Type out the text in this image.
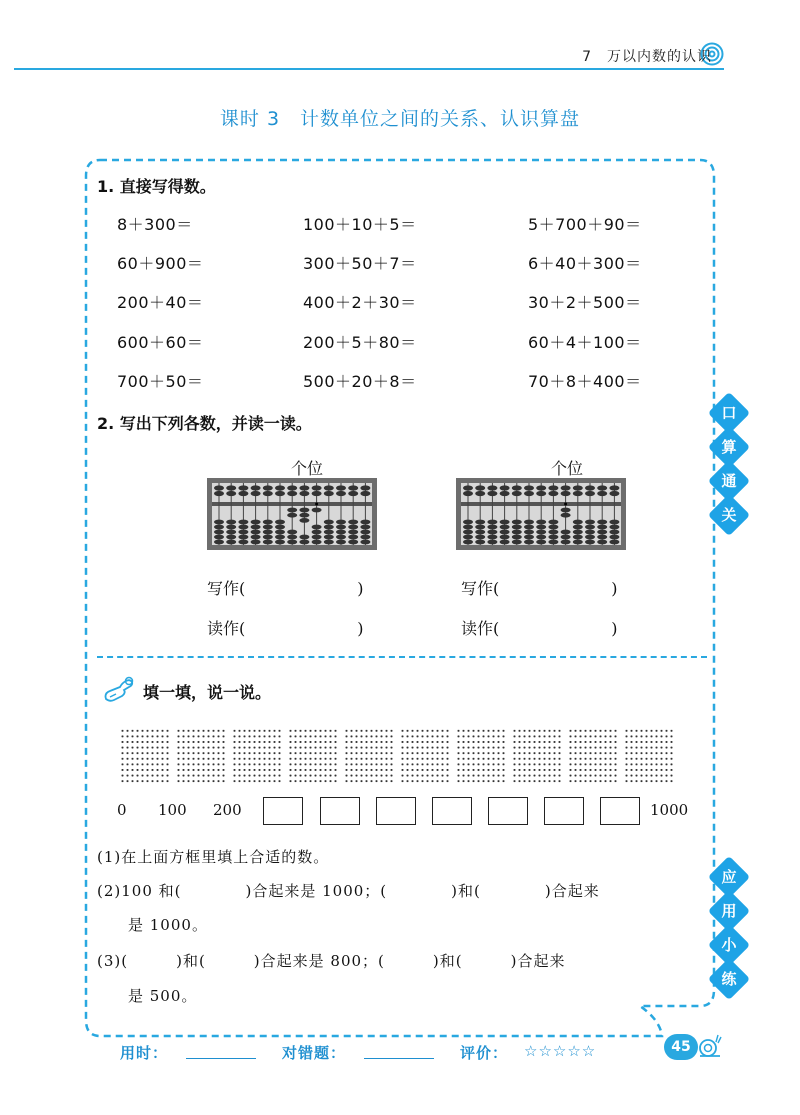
7　万以内数的认识
课时 3　计数单位之间的关系、认识算盘
口
算
通
关
应
用
小
练
1. 直接写得数。
8＋300＝	100＋10＋5＝	5＋700＋90＝
60＋900＝	300＋50＋7＝	6＋40＋300＝
200＋40＝	400＋2＋30＝	30＋2＋500＝
600＋60＝	200＋5＋80＝	60＋4＋100＝
700＋50＝	500＋20＋8＝	70＋8＋400＝
2. 写出下列各数，并读一读。
个位	个位
写作(　　　　　　　)
读作(　　　　　　　)
写作(　　　　　　　)
读作(　　　　　　　)
填一填，说一说。
0 100 200	1000
(1)在上面方框里填上合适的数。
(2)100 和(　　　　)合起来是 1000；(　　　　)和(　　　　)合起来
是 1000。
(3)(　　　)和(　　　)合起来是 800；(　　　)和(　　　)合起来
是 500。
用时：	对错题：	评价： ☆☆☆☆☆	45
